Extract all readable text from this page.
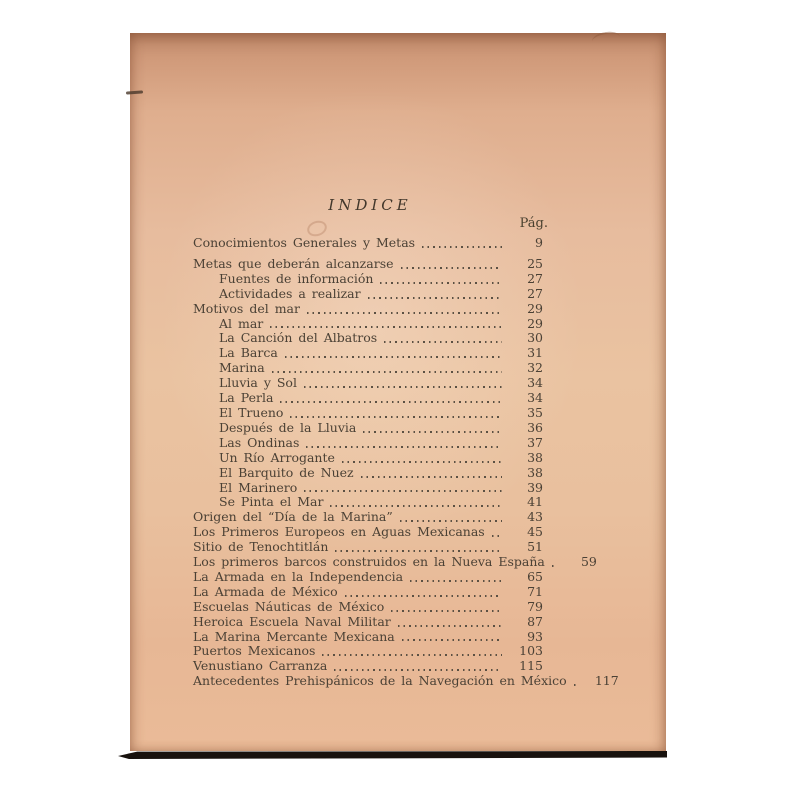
INDICE
Pág.
Conocimientos Generales y Metas	9
Metas que deberán alcanzarse	25
Fuentes de información	27
Actividades a realizar	27
Motivos del mar	29
Al mar	29
La Canción del Albatros	30
La Barca	31
Marina	32
Lluvia y Sol	34
La Perla	34
El Trueno	35
Después de la Lluvia	36
Las Ondinas	37
Un Río Arrogante	38
El Barquito de Nuez	38
El Marinero	39
Se Pinta el Mar	41
Origen del “Día de la Marina”	43
Los Primeros Europeos en Aguas Mexicanas	45
Sitio de Tenochtitlán	51
Los primeros barcos construidos en la Nueva España	59
La Armada en la Independencia	65
La Armada de México	71
Escuelas Náuticas de México	79
Heroica Escuela Naval Militar	87
La Marina Mercante Mexicana	93
Puertos Mexicanos	103
Venustiano Carranza	115
Antecedentes Prehispánicos de la Navegación en México	117
